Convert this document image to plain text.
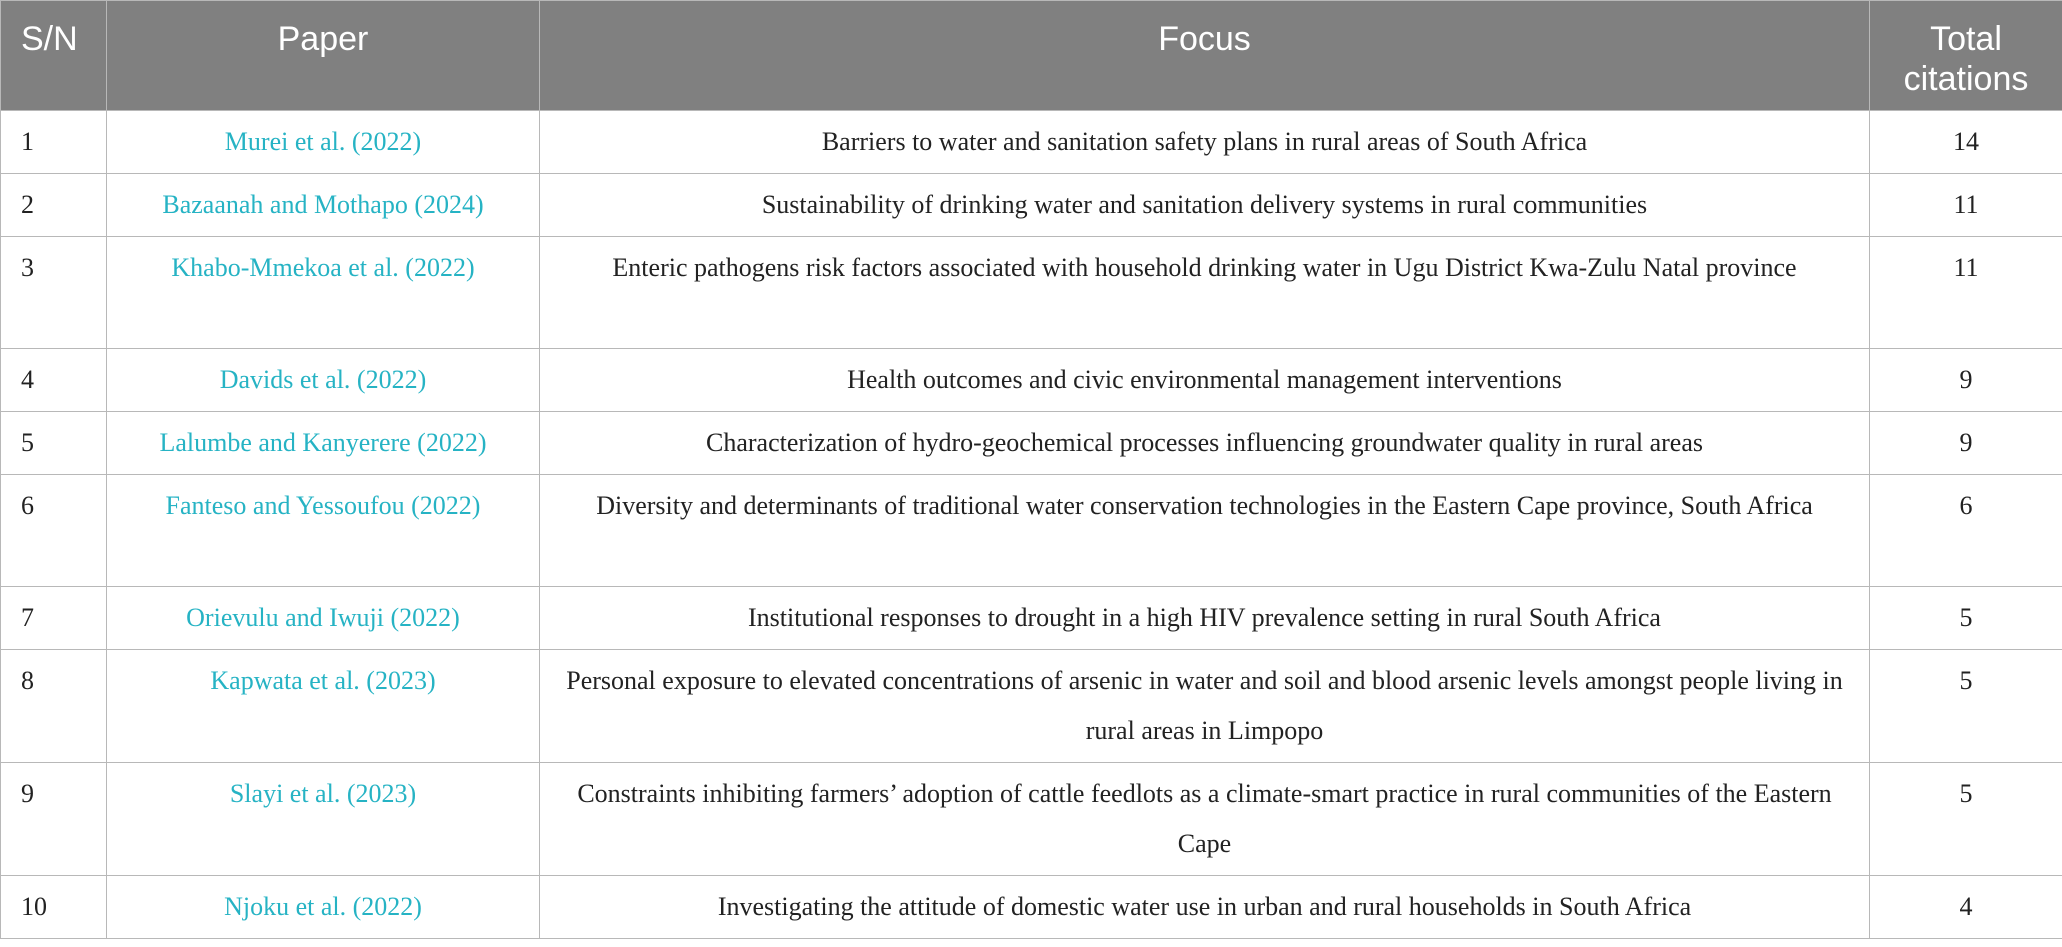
S/N	Paper	Focus	Total citations
1	Murei et al. (2022)	Barriers to water and sanitation safety plans in rural areas of South Africa	14
2	Bazaanah and Mothapo (2024)	Sustainability of drinking water and sanitation delivery systems in rural communities	11
3	Khabo-Mmekoa et al. (2022)	Enteric pathogens risk factors associated with household drinking water in Ugu District Kwa-Zulu Natal province	11
4	Davids et al. (2022)	Health outcomes and civic environmental management interventions	9
5	Lalumbe and Kanyerere (2022)	Characterization of hydro-geochemical processes influencing groundwater quality in rural areas	9
6	Fanteso and Yessoufou (2022)	Diversity and determinants of traditional water conservation technologies in the Eastern Cape province, South Africa	6
7	Orievulu and Iwuji (2022)	Institutional responses to drought in a high HIV prevalence setting in rural South Africa	5
8	Kapwata et al. (2023)	Personal exposure to elevated concentrations of arsenic in water and soil and blood arsenic levels amongst people living in rural areas in Limpopo	5
9	Slayi et al. (2023)	Constraints inhibiting farmers’ adoption of cattle feedlots as a climate-smart practice in rural communities of the Eastern Cape	5
10	Njoku et al. (2022)	Investigating the attitude of domestic water use in urban and rural households in South Africa	4
